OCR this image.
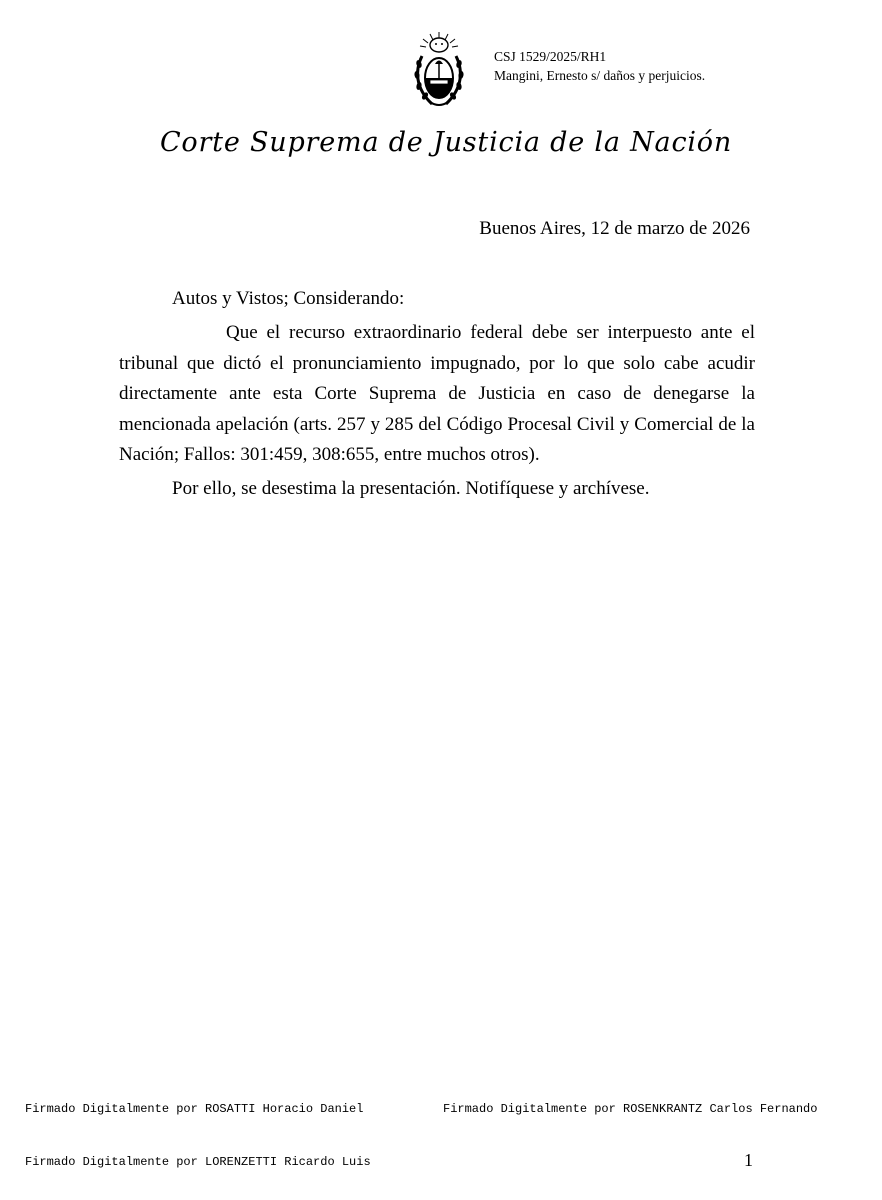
CSJ 1529/2025/RH1
Mangini, Ernesto s/ daños y perjuicios.
Corte Suprema de Justicia de la Nación
Buenos Aires, 12 de marzo de 2026
Autos y Vistos; Considerando:

Que el recurso extraordinario federal debe ser interpuesto ante el tribunal que dictó el pronunciamiento impugnado, por lo que solo cabe acudir directamente ante esta Corte Suprema de Justicia en caso de denegarse la mencionada apelación (arts. 257 y 285 del Código Procesal Civil y Comercial de la Nación; Fallos: 301:459, 308:655, entre muchos otros).

Por ello, se desestima la presentación. Notifíquese y archívese.
Firmado Digitalmente por ROSATTI Horacio Daniel	Firmado Digitalmente por ROSENKRANTZ Carlos Fernando
Firmado Digitalmente por LORENZETTI Ricardo Luis	1
